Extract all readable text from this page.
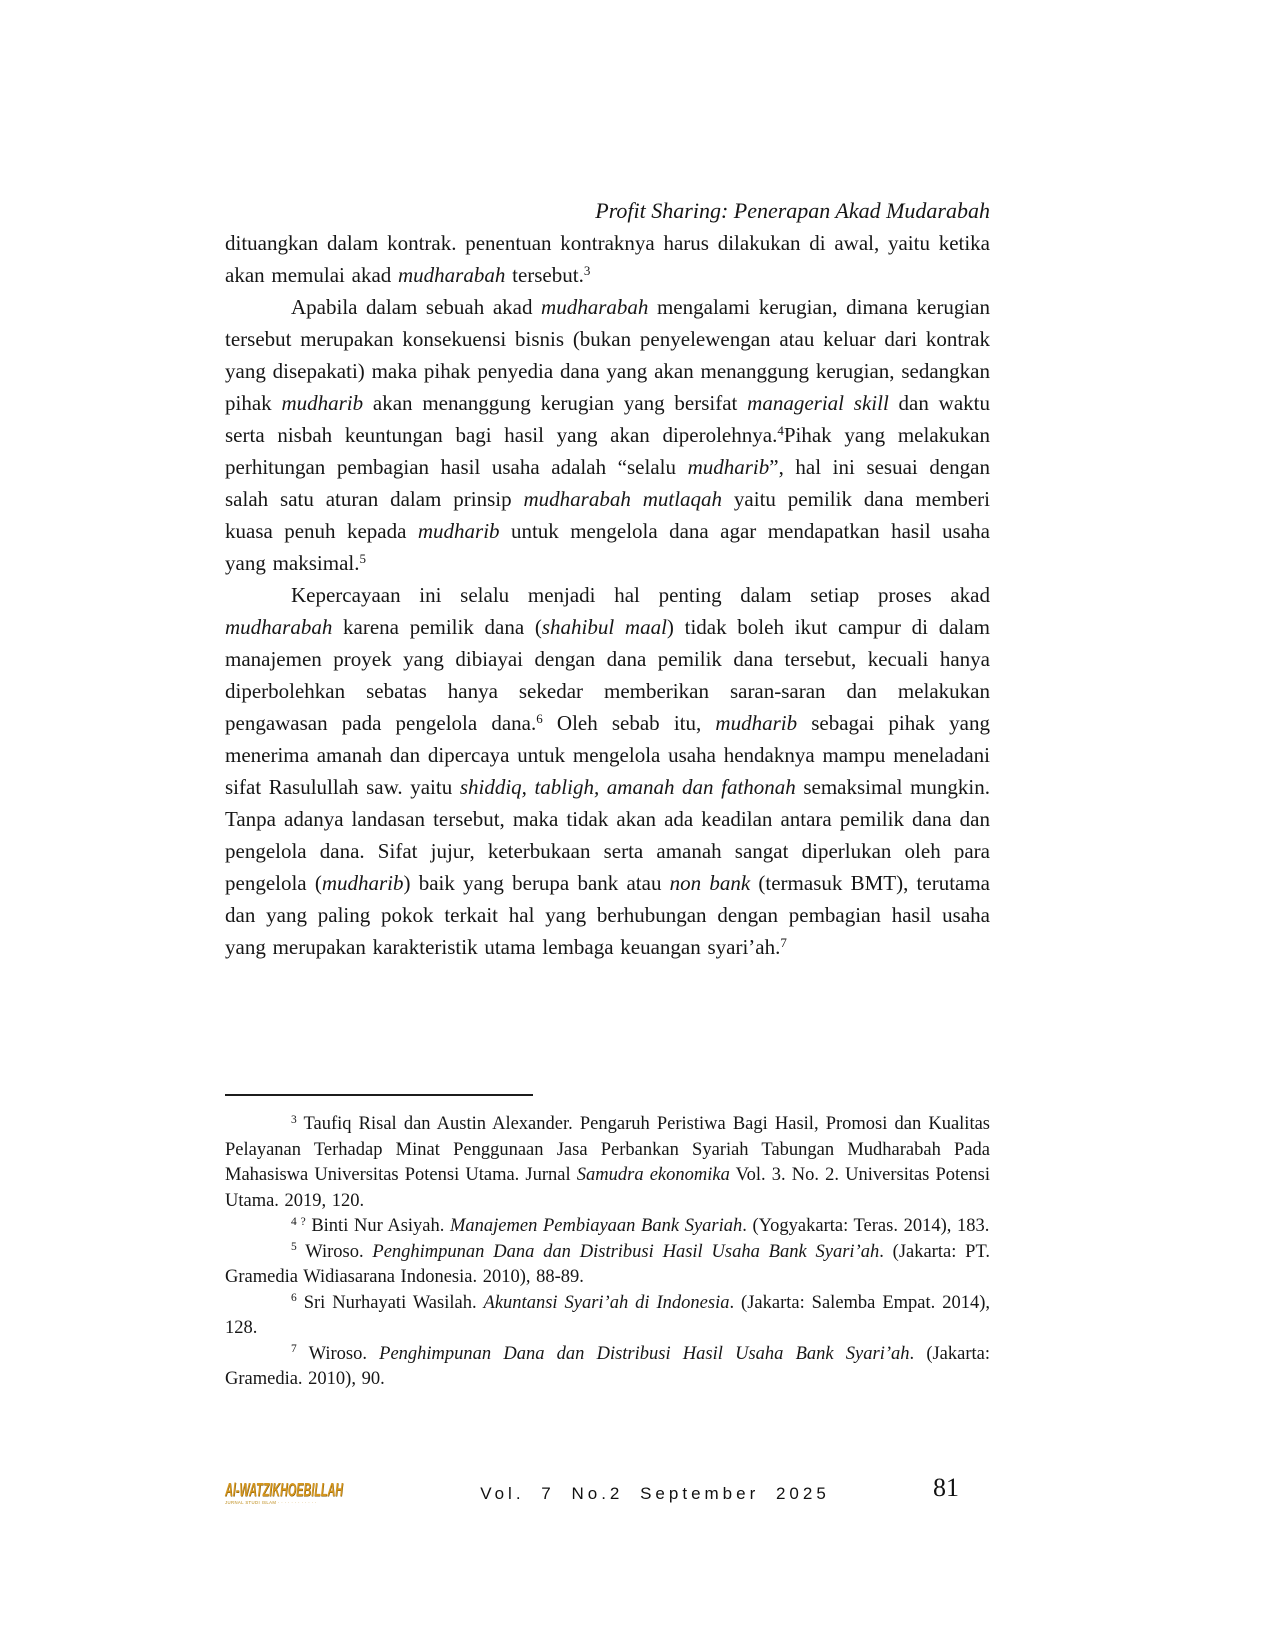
Profit Sharing: Penerapan Akad Mudarabah

dituangkan dalam kontrak. penentuan kontraknya harus dilakukan di awal, yaitu ketika akan memulai akad mudharabah tersebut.$^3$

Apabila dalam sebuah akad mudharabah mengalami kerugian, dimana kerugian tersebut merupakan konsekuensi bisnis (bukan penyelewengan atau keluar dari kontrak yang disepakati) maka pihak penyedia dana yang akan menanggung kerugian, sedangkan pihak mudharib akan menanggung kerugian yang bersifat managerial skill dan waktu serta nisbah keuntungan bagi hasil yang akan diperolehnya.$^4$Pihak yang melakukan perhitungan pembagian hasil usaha adalah “selalu mudharib”, hal ini sesuai dengan salah satu aturan dalam prinsip mudharabah mutlaqah yaitu pemilik dana memberi kuasa penuh kepada mudharib untuk mengelola dana agar mendapatkan hasil usaha yang maksimal.$^5$

Kepercayaan ini selalu menjadi hal penting dalam setiap proses akad mudharabah karena pemilik dana (shahibul maal) tidak boleh ikut campur di dalam manajemen proyek yang dibiayai dengan dana pemilik dana tersebut, kecuali hanya diperbolehkan sebatas hanya sekedar memberikan saran-saran dan melakukan pengawasan pada pengelola dana.$^6$ Oleh sebab itu, mudharib sebagai pihak yang menerima amanah dan dipercaya untuk mengelola usaha hendaknya mampu meneladani sifat Rasulullah saw. yaitu shiddiq, tabligh, amanah dan fathonah semaksimal mungkin. Tanpa adanya landasan tersebut, maka tidak akan ada keadilan antara pemilik dana dan pengelola dana. Sifat jujur, keterbukaan serta amanah sangat diperlukan oleh para pengelola (mudharib) baik yang berupa bank atau non bank (termasuk BMT), terutama dan yang paling pokok terkait hal yang berhubungan dengan pembagian hasil usaha yang merupakan karakteristik utama lembaga keuangan syari’ah.$^7$

$^3$ Taufiq Risal dan Austin Alexander. Pengaruh Peristiwa Bagi Hasil, Promosi dan Kualitas Pelayanan Terhadap Minat Penggunaan Jasa Perbankan Syariah Tabungan Mudharabah Pada Mahasiswa Universitas Potensi Utama. Jurnal Samudra ekonomika Vol. 3. No. 2. Universitas Potensi Utama. 2019, 120.

$^{4 ?}$ Binti Nur Asiyah. Manajemen Pembiayaan Bank Syariah. (Yogyakarta: Teras. 2014), 183.

$^5$ Wiroso. Penghimpunan Dana dan Distribusi Hasil Usaha Bank Syari’ah. (Jakarta: PT. Gramedia Widiasarana Indonesia. 2010), 88-89.

$^6$ Sri Nurhayati Wasilah. Akuntansi Syari’ah di Indonesia. (Jakarta: Salemba Empat. 2014), 128.

$^7$ Wiroso. Penghimpunan Dana dan Distribusi Hasil Usaha Bank Syari’ah. (Jakarta: Gramedia. 2010), 90.

Al-WATZIKHOEBILLAH
JURNAL STUDI ISLAM · · · · · · · · · · · ·	Vol. 7 No.2 September 2025	81
